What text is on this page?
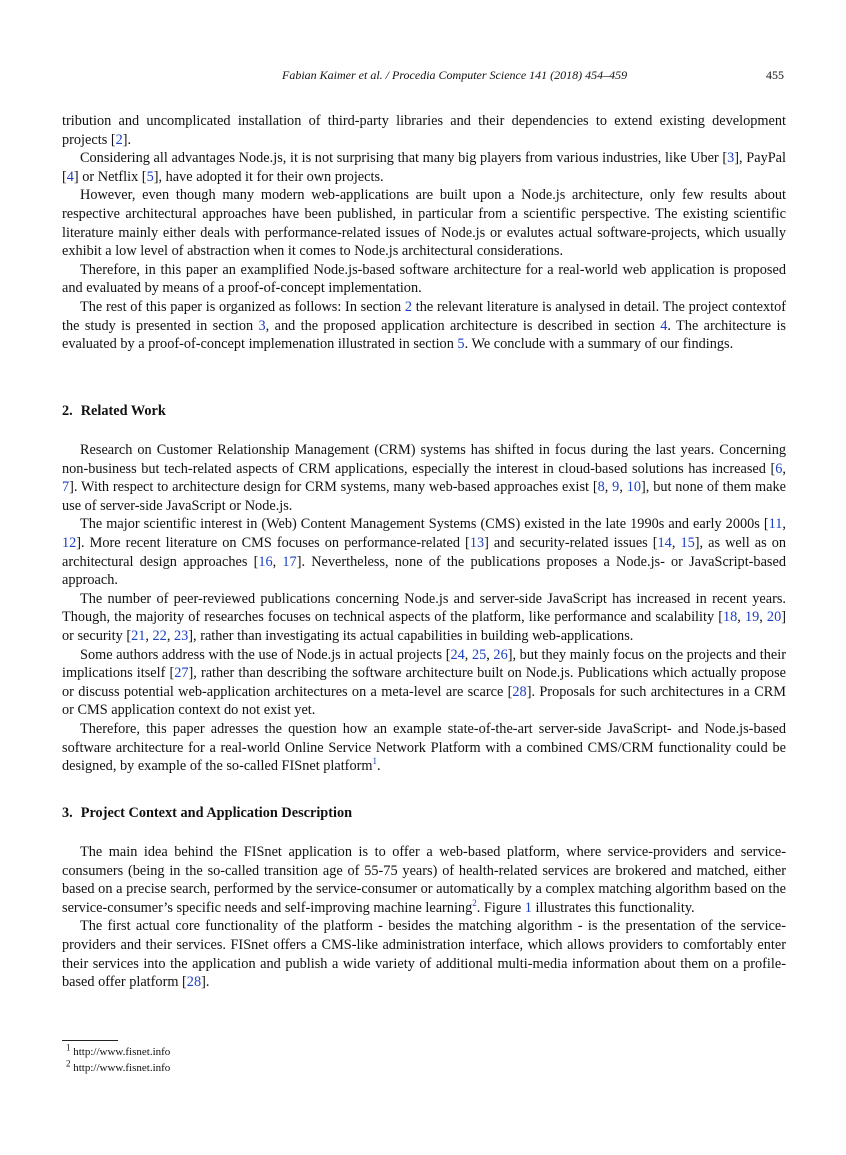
Fabian Kaimer et al. / Procedia Computer Science 141 (2018) 454–459	455

tribution and uncomplicated installation of third-party libraries and their dependencies to extend existing development projects [2].

Considering all advantages Node.js, it is not surprising that many big players from various industries, like Uber [3], PayPal [4] or Netflix [5], have adopted it for their own projects.

However, even though many modern web-applications are built upon a Node.js architecture, only few results about respective architectural approaches have been published, in particular from a scientific perspective. The existing scientific literature mainly either deals with performance-related issues of Node.js or evalutes actual software-projects, which usually exhibit a low level of abstraction when it comes to Node.js architectural considerations.

Therefore, in this paper an examplified Node.js-based software architecture for a real-world web application is proposed and evaluated by means of a proof-of-concept implementation.

The rest of this paper is organized as follows: In section 2 the relevant literature is analysed in detail. The project contextof the study is presented in section 3, and the proposed application architecture is described in section 4. The architecture is evaluated by a proof-of-concept implemenation illustrated in section 5. We conclude with a summary of our findings.

2. Related Work

Research on Customer Relationship Management (CRM) systems has shifted in focus during the last years. Concerning non-business but tech-related aspects of CRM applications, especially the interest in cloud-based solutions has increased [6, 7]. With respect to architecture design for CRM systems, many web-based approaches exist [8, 9, 10], but none of them make use of server-side JavaScript or Node.js.

The major scientific interest in (Web) Content Management Systems (CMS) existed in the late 1990s and early 2000s [11, 12]. More recent literature on CMS focuses on performance-related [13] and security-related issues [14, 15], as well as on architectural design approaches [16, 17]. Nevertheless, none of the publications proposes a Node.js- or JavaScript-based approach.

The number of peer-reviewed publications concerning Node.js and server-side JavaScript has increased in recent years. Though, the majority of researches focuses on technical aspects of the platform, like performance and scalability [18, 19, 20] or security [21, 22, 23], rather than investigating its actual capabilities in building web-applications.

Some authors address with the use of Node.js in actual projects [24, 25, 26], but they mainly focus on the projects and their implications itself [27], rather than describing the software architecture built on Node.js. Publications which actually propose or discuss potential web-application architectures on a meta-level are scarce [28]. Proposals for such architectures in a CRM or CMS application context do not exist yet.

Therefore, this paper adresses the question how an example state-of-the-art server-side JavaScript- and Node.js-based software architecture for a real-world Online Service Network Platform with a combined CMS/CRM functionality could be designed, by example of the so-called FISnet platform$^1$.

3. Project Context and Application Description

The main idea behind the FISnet application is to offer a web-based platform, where service-providers and service-consumers (being in the so-called transition age of 55-75 years) of health-related services are brokered and matched, either based on a precise search, performed by the service-consumer or automatically by a complex matching algorithm based on the service-consumer’s specific needs and self-improving machine learning$^2$. Figure 1 illustrates this functionality.

The first actual core functionality of the platform - besides the matching algorithm - is the presentation of the service-providers and their services. FISnet offers a CMS-like administration interface, which allows providers to comfortably enter their services into the application and publish a wide variety of additional multi-media information about them on a profile-based offer platform [28].

$^1$ http://www.fisnet.info
$^2$ http://www.fisnet.info
